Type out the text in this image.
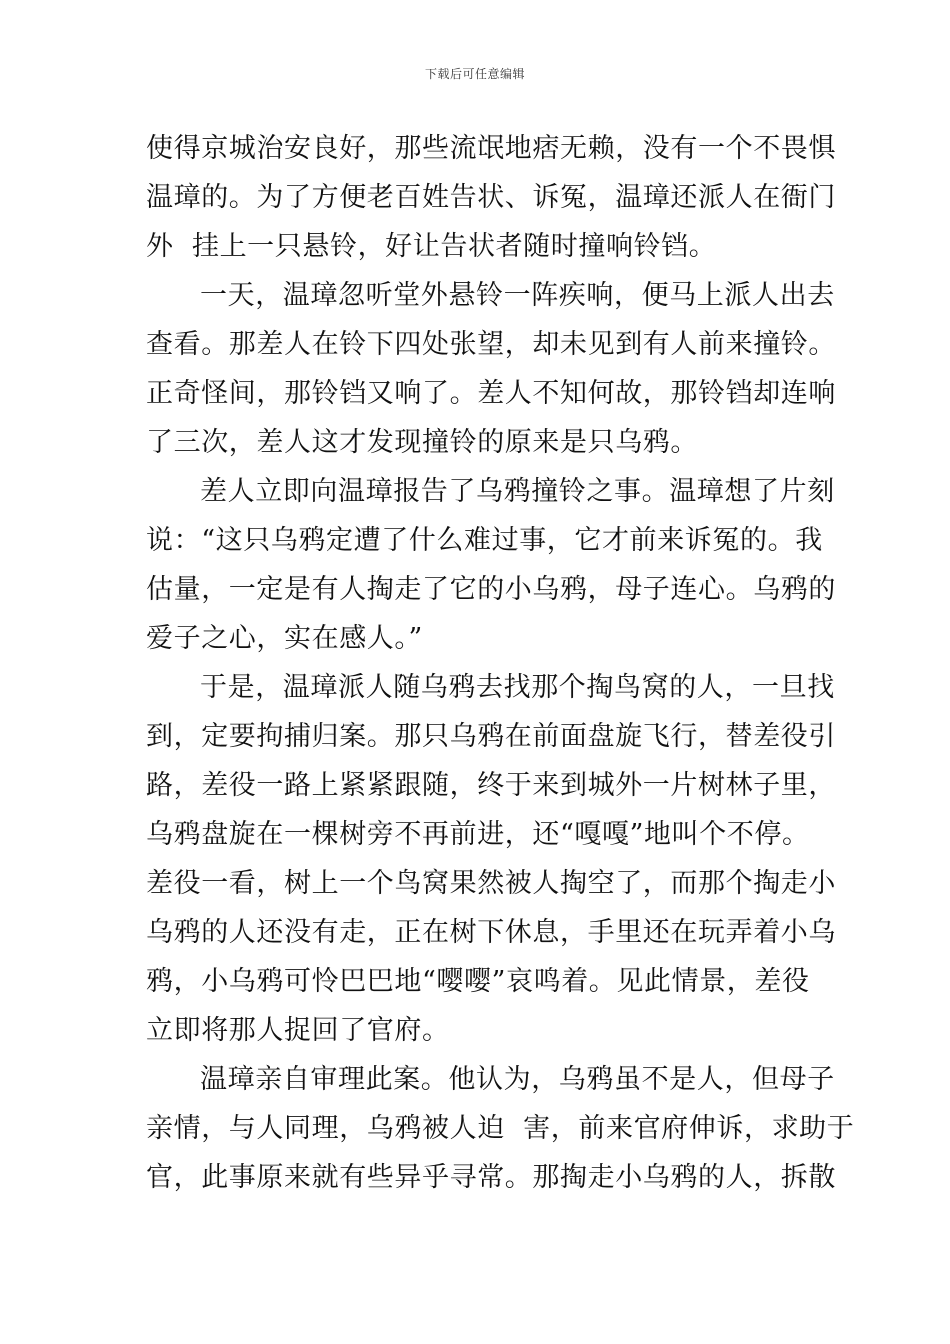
下载后可任意编辑

使得京城治安良好，那些流氓地痞无赖，没有一个不畏惧

温璋的。为了方便老百姓告状、诉冤，温璋还派人在衙门

外  挂上一只悬铃，好让告状者随时撞响铃铛。

一天，温璋忽听堂外悬铃一阵疾响，便马上派人出去

查看。那差人在铃下四处张望，却未见到有人前来撞铃。

正奇怪间，那铃铛又响了。差人不知何故，那铃铛却连响

了三次，差人这才发现撞铃的原来是只乌鸦。

差人立即向温璋报告了乌鸦撞铃之事。温璋想了片刻

说：“这只乌鸦定遭了什么难过事，它才前来诉冤的。我

估量，一定是有人掏走了它的小乌鸦，母子连心。乌鸦的

爱子之心，实在感人。”

于是，温璋派人随乌鸦去找那个掏鸟窝的人，一旦找

到，定要拘捕归案。那只乌鸦在前面盘旋飞行，替差役引

路，差役一路上紧紧跟随，终于来到城外一片树林子里，

乌鸦盘旋在一棵树旁不再前进，还“嘎嘎”地叫个不停。

差役一看，树上一个鸟窝果然被人掏空了，而那个掏走小

乌鸦的人还没有走，正在树下休息，手里还在玩弄着小乌

鸦，小乌鸦可怜巴巴地“嘤嘤”哀鸣着。见此情景，差役

立即将那人捉回了官府。

温璋亲自审理此案。他认为，乌鸦虽不是人，但母子

亲情，与人同理，乌鸦被人迫  害，前来官府伸诉，求助于

官，此事原来就有些异乎寻常。那掏走小乌鸦的人，拆散
